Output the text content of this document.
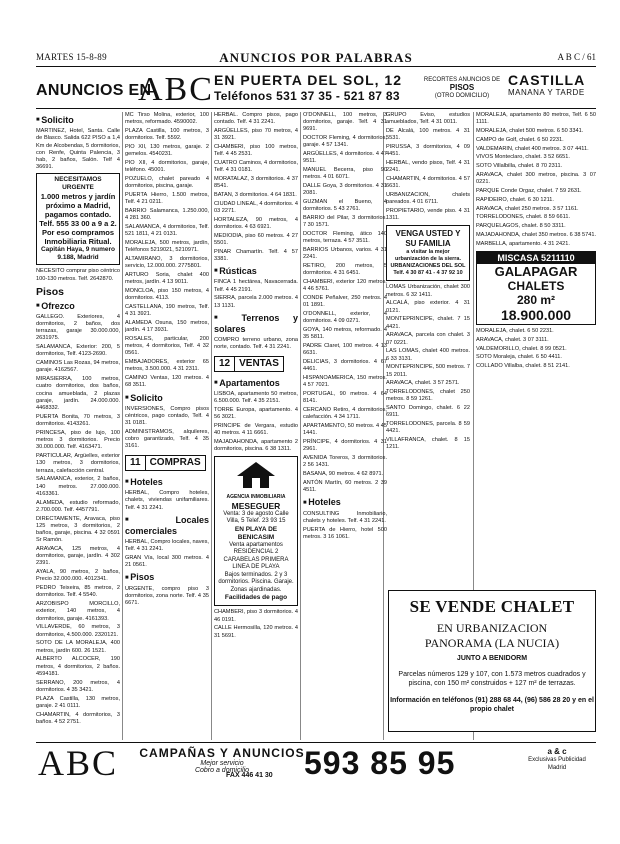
MARTES 15-8-89	ANUNCIOS POR PALABRAS	A B C / 61
ANUNCIOS EN
ABC EN PUERTA DEL SOL, 12
Teléfonos 531 37 35 - 521 87 83
RECORTES ANUNCIOS DE
PISOS
(OTRO DOMICILIO)
CASTILLA
MANANA Y TARDE
■ Solicito

MARTINEZ, Hotel, Santa. Calle de Blasco. Salida 622 PISO a 1,4 Km de Alcobendas, 5 dormitorios, con Renfe, Quinta Palencia, 3 hab, 2 baños, Salón. Telf 4 36691.

NECESITAMOS URGENTE
1.000 metros y jardín próximo a Madrid, pagamos contado. Telf. 555 33 00 a 9 a 2. Por eso compramos Inmobiliaria Ritual.
Capitán Haya, 9 numero 9.188, Madrid

NECESITO comprar piso céntrico 100-130 metros. Telf. 2642870.

Pisos
■ Ofrezco

GALLEGO. Exteriores, 4 dormitorios, 2 baños, dos terrazas, garaje 30.000.000, 2631975.

SALAMANCA, Exterior: 200, 5 dormitorios, Telf. 4123-2690.

CAMINOS Las Rozas, 94 metros, garaje. 4162567.

MIRASIERRA, 100 metros, cuatro dormitorios, dos baños, cocina amueblada, 2 plazas garaje, jardín. 24.000.000. 4468332.

PUERTA Bonita, 70 metros, 3 dormitorios. 4143261.

PRINCESA, piso de lujo, 100 metros 3 dormitorios. Precio 30.000.000. Telf. 4163471.

PARTICULAR, Argüelles, exterior 130 metros, 3 dormitorios, terraza, calefacción central.

SALAMANCA, exterior, 2 baños, 140 metros. 27.000.000. 4163361.

ALAMEDA, estudio reformado, 2.700.000. Telf. 4457791.

DIRECTAMENTE, Aravaca, piso 125 metros, 3 dormitorios, 2 baños, garaje, piscina. 4 32 0591 Sr Ramón.

ARAVACA, 125 metros, 4 dormitorios, garaje, jardín. 4 302 2391.

AYALA, 90 metros, 2 baños, Precio 32.000.000. 4012341.

PEDRO Teixeira, 85 metros, 2 dormitorios. Telf. 4 5540.

ARZOBISPO MORCILLO, exterior, 140 metros, 4 dormitorios, garaje. 4161393.

VILLAVERDE, 60 metros, 3 dormitorios, 4.500.000. 2320121.

SOTO DE LA MORALEJA, 400 metros, jardín 600. 26 1521.

ALBERTO ALCOCER, 190 metros, 4 dormitorios, 2 baños. 4594181.

SERRANO, 200 metros, 4 dormitorios. 4 35 3421.

PLAZA Castilla, 130 metros, garaje. 2 41 0111.

CHAMARTIN, 4 dormitorios, 3 baños. 4 52 2751.

MC Tirso Molina, exterior, 100 metros, reformado. 4590002.

PLAZA Castilla, 100 metros, 3 dormitorios. Telf. 5592.

PIO XII, 130 metros, garaje. 2 gemelos. 4540231.

PIO XII, 4 dormitorios, garaje, teléfono. 45001.

POZUELO, chalet pareado 4 dormitorios, piscina, garaje.

PUERTA Hierro, 1.500 metros, Telf. 4 21 0211.

BARRIO Salamanca, 1.250.000, 4 281 360.

SALAMANCA, 4 dormitorios, Telf. 521 1811, 4 21 0131.

MORALEJA, 500 metros, jardín, Teléfonos 5219021, 5210971.

ALTAMIRANO, 3 dormitorios, servicio, 12.000.000. 2775801.

ARTURO Soria, chalet 400 metros, jardín. 4 13 9011.

MONCLOA, piso 150 metros, 4 dormitorios. 4113.

CASTELLANA, 190 metros, Telf. 4 31 3921.

ALAMEDA Osuna, 150 metros, jardín. 4 17 3931.

ROSALES, particular, 200 metros, 4 dormitorios, Telf. 4 32 0561.

EMBAJADORES, exterior 65 metros, 3.500.000. 4 31 2311.

CAMINO Ventas, 120 metros. 4 68 3511.

■ Solicito

INVERSIONES, Compro pisos céntricos, pago contado, Telf. 4 31 0181.

ADMINISTRAMOS, alquileres, cobro garantizado, Telf. 4 35 3161.

11 COMPRAS
■ Hoteles

HERBAL, Compro hoteles, chalets, viviendas unifamiliares. Telf. 4 31 2241.

■ Locales comerciales

HERBAL, Compro locales, naves, Telf. 4 31 2241.

GRAN Vía, local 300 metros. 4 21 0561.

■ Pisos

URGENTE, compro piso 3 dormitorios, zona norte. Telf. 4 35 6671.

HERBAL. Compro pisos, pago contado. Telf. 4 31 2241.

ARGÜELLES, piso 70 metros, 4 31 3921.

CHAMBERI, piso 100 metros, Telf. 4 45 2531.

CUATRO Caminos, 4 dormitorios, Telf. 4 31 0181.

MORATALAZ, 3 dormitorios. 4 37 8541.

BATAN, 3 dormitorios. 4 64 1831.

CIUDAD LINEAL, 4 dormitorios. 4 03 2271.

HORTALEZA, 90 metros, 4 dormitorios. 4 63 6921.

MEDIODIA, piso 60 metros. 4 27 5501.

PINAR Chamartín. Telf. 4 57 3381.

■ Rústicas

FINCA 1 hectárea, Navacerrada. Telf. 4 45 2191.

SIERRA, parcela 2.000 metros. 4 13 1131.

■ Terrenos y solares

COMPRO terreno urbano, zona norte, contado. Telf. 4 31 2241.

12 VENTAS
■ Apartamentos

LISBOA, apartamento 50 metros, 6.500.000. Telf. 4 35 2151.

TORRE Europa, apartamento. 4 56 3021.

PRINCIPE de Vergara, estudio 40 metros. 4 11 6661.

MAJADAHONDA, apartamento 2 dormitorios, piscina. 6 38 1311.

AGENCIA INMOBILIARIA
MESEGUER
Venta: 3 de agosto Calle Villa, 5 Telef. 23 93 15
EN PLAYA DE BENICASIM
Venta apartamentos RESIDENCIAL 2 CARABELAS PRIMERA LINEA DE PLAYA
Bajos terminados. 2 y 3 dormitorios. Piscina. Garaje. Zonas ajardinadas.
Facilidades de pago

CHAMBERI, piso 3 dormitorios. 4 46 0191.

CALLE Hermosilla, 120 metros. 4 31 5691.

O'DONNELL, 100 metros, 3 dormitorios, garaje. Telf. 4 31 9691.

DOCTOR Fleming, 4 dormitorios, garaje. 4 57 1341.

ARGÜELLES, 4 dormitorios. 4 47 9511.

MANUEL Becerra, piso 90 metros. 4 01 6071.

DALLE Goya, 3 dormitorios. 4 31 2081.

GUZMAN el Bueno, 4 dormitorios. 5 43 2761.

BARRIO del Pilar, 3 dormitorios. 7 30 1571.

DOCTOR Fleming, ático 140 metros, terraza. 4 57 3511.

BARRIOS Urbanos, varios. 4 31 2241.

RETIRO, 200 metros, 5 dormitorios. 4 31 6451.

CHAMBERI, exterior 120 metros, 4 46 5761.

CONDE Peñalver, 250 metros. 4 01 1891.

O'DONNELL, exterior, 4 dormitorios. 4 09 0271.

GOYA, 140 metros, reformado. 4 35 5811.

PADRE Claret, 100 metros. 4 13 6631.

DELICIAS, 3 dormitorios. 4 67 4461.

HISPANOAMERICA, 150 metros. 4 57 7021.

PORTUGAL, 90 metros. 4 64 8141.

CERCANO Retiro, 4 dormitorios, calefacción. 4 34 1711.

APARTAMENTO, 50 metros. 4 45 1441.

PRÍNCIPE, 4 dormitorios. 4 31 2961.

AVENIDA Toreros, 3 dormitorios. 2 56 1431.

BASANA, 90 metros. 4 62 8971.

ANTÓN Martín, 60 metros. 2 39 4511.

■ Hoteles

CONSULTING Inmobiliario, chalets y hoteles. Telf. 4 31 2241.

PUERTA de Hierro, hotel 500 metros. 3 16 1061.

GRUPO Eviso, estudios amueblados, Telf. 4 31 0011.

DE Alcalá, 100 metros. 4 31 5531.

PIRUSSA, 3 dormitorios, 4 09 4451.

HERBAL, vendo pisos, Telf. 4 31 2241.

CHAMARTIN, 4 dormitorios. 4 57 6631.

URBANIZACION, chalets pareados. 4 01 6711.

PROPIETARIO, vende piso. 4 31 1311.

VENGA USTED Y SU FAMILIA
a visitar la mejor urbanización de la sierra.
URBANIZACIONES DEL SOL
Telf. 4 30 87 41 - 4 37 92 10

LOMAS Urbanización, chalet 300 metros. 6 32 1411.

ALCALÁ, piso exterior. 4 31 0121.

MONTEPRINCIPE, chalet. 7 15 4421.

ARAVACA, parcela con chalet. 3 07 0221.

LAS LOMAS, chalet 400 metros. 6 33 3131.

MONTEPRINCIPE, 500 metros. 7 15 2011.

ARAVACA, chalet. 3 57 2571.

TORRELODONES, chalet 250 metros. 8 59 1261.

SANTO Domingo, chalet. 6 22 6911.

TORRELODONES, parcela. 8 59 4421.

VILLAFRANCA, chalet. 8 15 1211.

MORALEJA, apartamento 80 metros, Telf. 6 50 1111.

MORALEJA, chalet 500 metros. 6 50 3341.

CAMPO de Golf, chalet. 6 50 2231.

VALDEMARIN, chalet 400 metros. 3 07 4411.

VIVOS Monteclaro, chalet. 3 52 6651.

SOTO Villalbilla, chalet. 8 70 2311.

ARAVACA, chalet 300 metros, piscina. 3 07 0221.

PARQUE Conde Orgaz, chalet. 7 59 2631.

RAPIDEIRO, chalet. 6 30 1211.

ARAVACA, chalet 250 metros. 3 57 1161.

TORRELODONES, chalet. 8 59 6611.

PARQUELAGOS, chalet. 8 50 3311.

MAJADAHONDA, chalet 350 metros. 6 38 5741.

MARBELLA, apartamento. 4 31 2421.

MISCASA 5211110
GALAPAGAR
CHALETS
280 m²
18.900.000

MORALEJA, chalet. 6 50 2231.

ARAVACA, chalet. 3 07 3111.

VALDEMORILLO, chalet. 8 99 0521.

SOTO Moraleja, chalet. 6 50 4411.

COLLADO Villalba, chalet. 8 51 2141.

SE VENDE CHALET
EN URBANIZACION
PANORAMA (LA NUCIA)
JUNTO A BENIDORM
Parcelas números 129 y 107, con 1.573 metros cuadrados y piscina, con 150 m² construidos + 127 m² de terrazas.
Información en teléfonos (91) 288 68 44, (96) 586 28 20 y en el propio chalet
ABC	CAMPAÑAS Y ANUNCIOS
Mejor servicio
Cobro a domicilio
FAX 446 41 30 593 85 95	a & c
Exclusivas Publicidad
Madrid
